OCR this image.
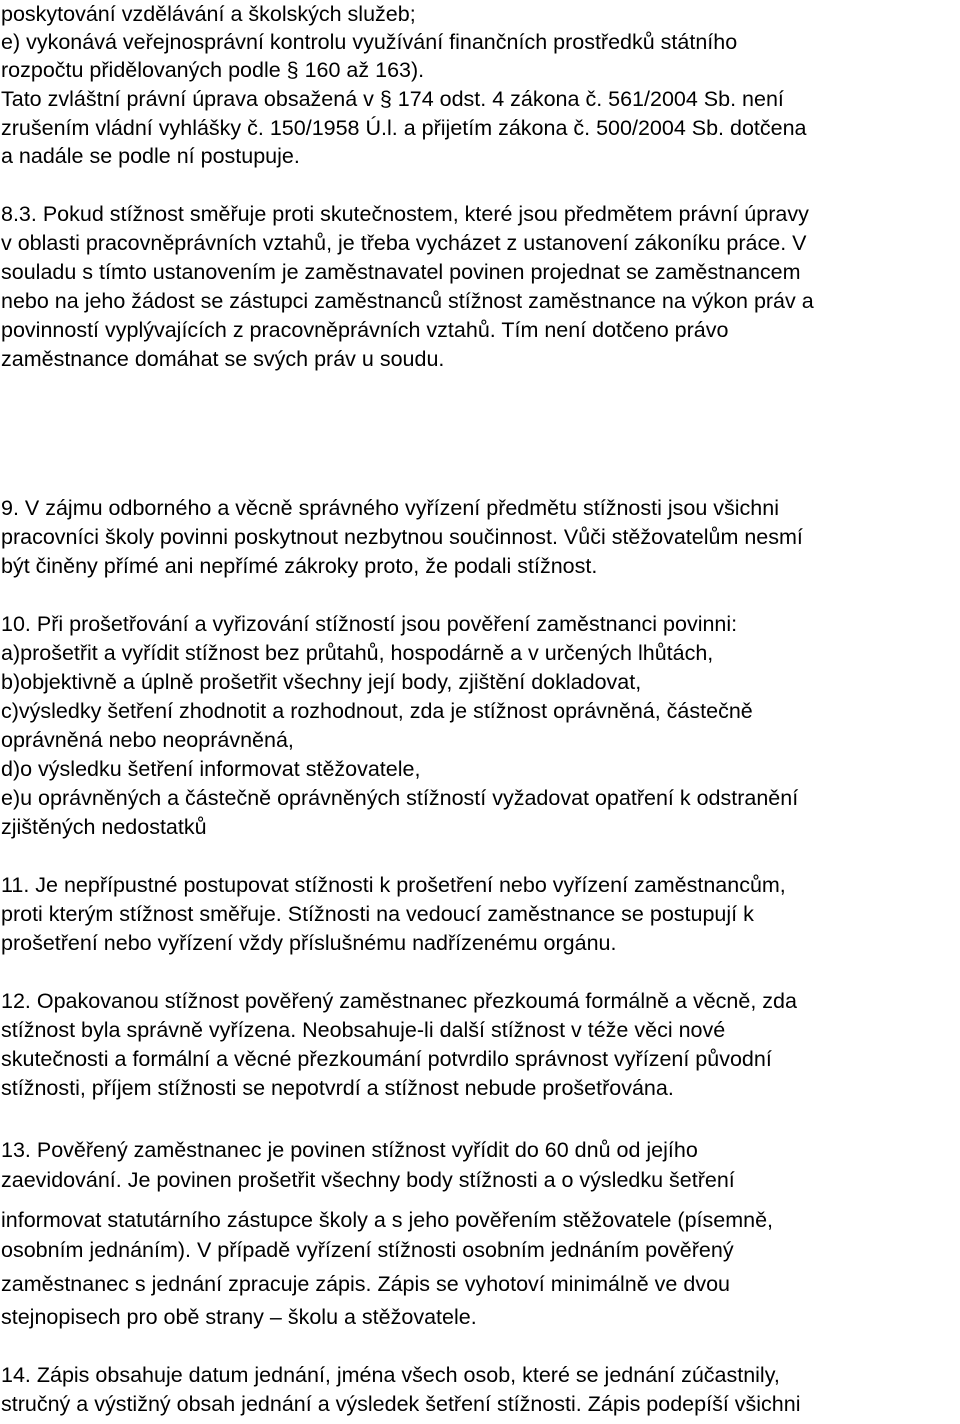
poskytování vzdělávání a školských služeb;
e) vykonává veřejnosprávní kontrolu využívání finančních prostředků státního
rozpočtu přidělovaných podle § 160 až 163).
Tato zvláštní právní úprava obsažená v § 174 odst. 4 zákona č. 561/2004 Sb. není
zrušením vládní vyhlášky č. 150/1958 Ú.l. a přijetím zákona č. 500/2004 Sb. dotčena
a nadále se podle ní postupuje.
8.3. Pokud stížnost směřuje proti skutečnostem, které jsou předmětem právní úpravy
v oblasti pracovněprávních vztahů, je třeba vycházet z ustanovení zákoníku práce. V
souladu s tímto ustanovením je zaměstnavatel povinen projednat se zaměstnancem
nebo na jeho žádost se zástupci zaměstnanců stížnost zaměstnance na výkon práv a
povinností vyplývajících z pracovněprávních vztahů. Tím není dotčeno právo
zaměstnance domáhat se svých práv u soudu.
9. V zájmu odborného a věcně správného vyřízení předmětu stížnosti jsou všichni
pracovníci školy povinni poskytnout nezbytnou součinnost. Vůči stěžovatelům nesmí
být činěny přímé ani nepřímé zákroky proto, že podali stížnost.
10. Při prošetřování a vyřizování stížností jsou pověření zaměstnanci povinni:
a)prošetřit a vyřídit stížnost bez průtahů, hospodárně a v určených lhůtách,
b)objektivně a úplně prošetřit všechny její body, zjištění dokladovat,
c)výsledky šetření zhodnotit a rozhodnout, zda je stížnost oprávněná, částečně
oprávněná nebo neoprávněná,
d)o výsledku šetření informovat stěžovatele,
e)u oprávněných a částečně oprávněných stížností vyžadovat opatření k odstranění
zjištěných nedostatků
11. Je nepřípustné postupovat stížnosti k prošetření nebo vyřízení zaměstnancům,
proti kterým stížnost směřuje. Stížnosti na vedoucí zaměstnance se postupují k
prošetření nebo vyřízení vždy příslušnému nadřízenému orgánu.
12. Opakovanou stížnost pověřený zaměstnanec přezkoumá formálně a věcně, zda
stížnost byla správně vyřízena. Neobsahuje-li další stížnost v téže věci nové
skutečnosti a formální a věcné přezkoumání potvrdilo správnost vyřízení původní
stížnosti, příjem stížnosti se nepotvrdí a stížnost nebude prošetřována.
13. Pověřený zaměstnanec je povinen stížnost vyřídit do 60 dnů od jejího
zaevidování. Je povinen prošetřit všechny body stížnosti a o výsledku šetření
informovat statutárního zástupce školy a s jeho pověřením stěžovatele (písemně,
osobním jednáním). V případě vyřízení stížnosti osobním jednáním pověřený
zaměstnanec s jednání zpracuje zápis. Zápis se vyhotoví minimálně ve dvou
stejnopisech pro obě strany – školu a stěžovatele.
14. Zápis obsahuje datum jednání, jména všech osob, které se jednání zúčastnily,
stručný a výstižný obsah jednání a výsledek šetření stížnosti. Zápis podepíší všichni
